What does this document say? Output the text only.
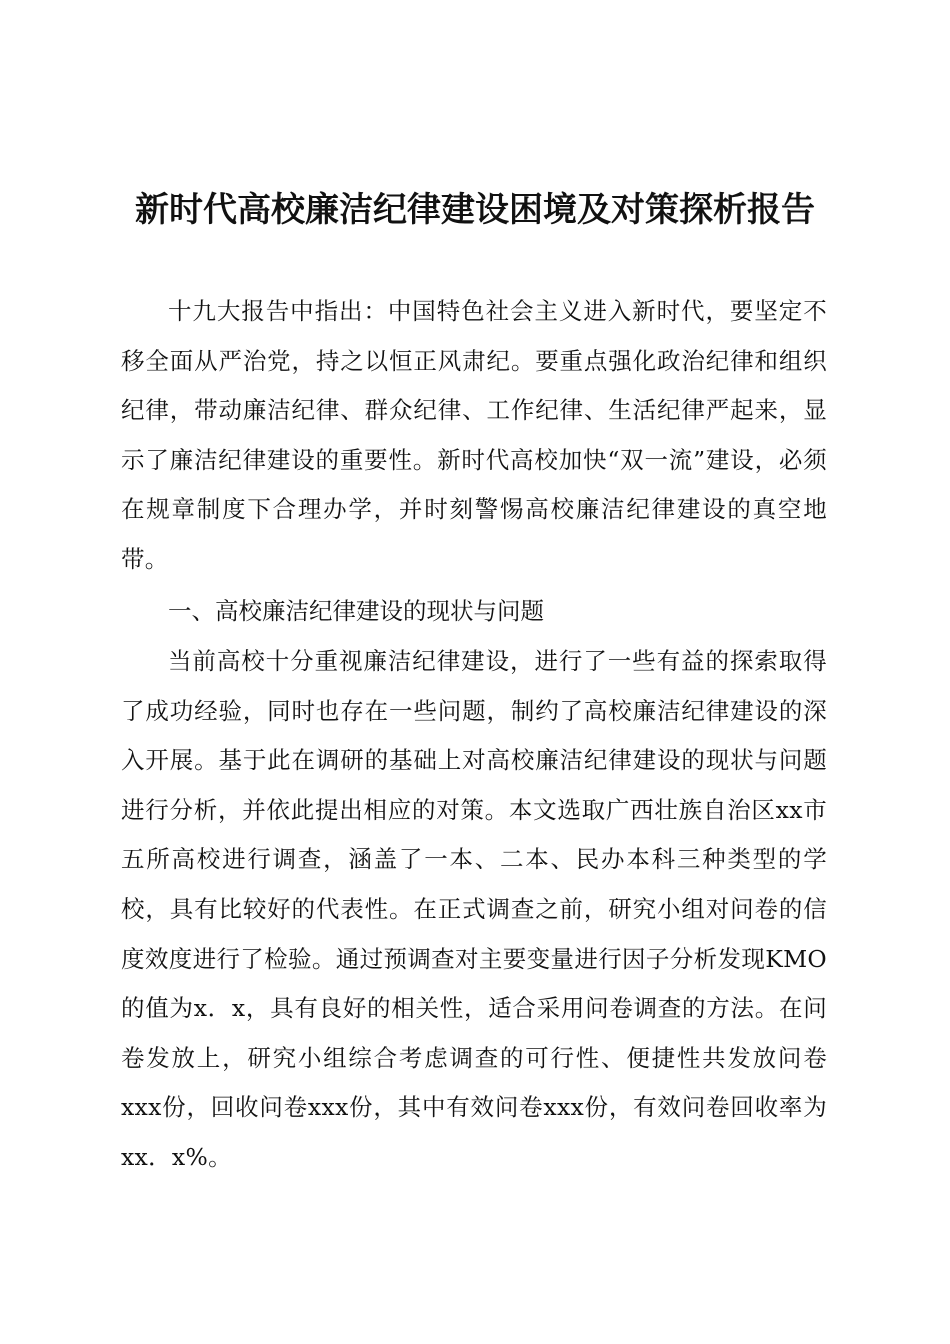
新时代高校廉洁纪律建设困境及对策探析报告
十九大报告中指出：中国特色社会主义进入新时代，要坚定不移全面从严治党，持之以恒正风肃纪。要重点强化政治纪律和组织纪律，带动廉洁纪律、群众纪律、工作纪律、生活纪律严起来，显示了廉洁纪律建设的重要性。新时代高校加快“双一流”建设，必须在规章制度下合理办学，并时刻警惕高校廉洁纪律建设的真空地带。
一、高校廉洁纪律建设的现状与问题
当前高校十分重视廉洁纪律建设，进行了一些有益的探索取得了成功经验，同时也存在一些问题，制约了高校廉洁纪律建设的深入开展。基于此在调研的基础上对高校廉洁纪律建设的现状与问题进行分析，并依此提出相应的对策。本文选取广西壮族自治区xx市五所高校进行调查，涵盖了一本、二本、民办本科三种类型的学校，具有比较好的代表性。在正式调查之前，研究小组对问卷的信度效度进行了检验。通过预调查对主要变量进行因子分析发现KMO的值为x．x，具有良好的相关性，适合采用问卷调查的方法。在问卷发放上，研究小组综合考虑调查的可行性、便捷性共发放问卷xxx份，回收问卷xxx份，其中有效问卷xxx份，有效问卷回收率为xx．x%。
